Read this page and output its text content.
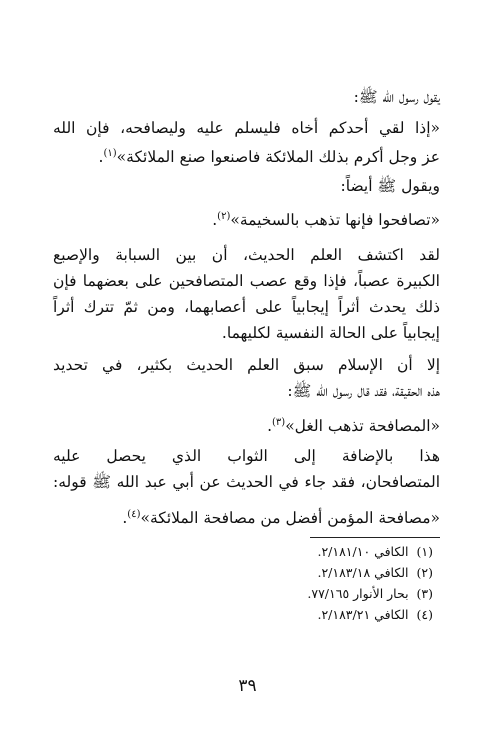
يقول رسول الله ﷺ:
«إذا لقي أحدكم أخاه فليسلم عليه وليصافحه، فإن الله
عز وجل أكرم بذلك الملائكة فاصنعوا صنع الملائكة»$^{(١)}$.
ويقول ﷺ أيضاً:
«تصافحوا فإنها تذهب بالسخيمة»$^{(٢)}$.
لقد اكتشف العلم الحديث، أن بين السبابة والإصبع
الكبيرة عصباً، فإذا وقع عصب المتصافحين على بعضهما فإن
ذلك يحدث أثراً إيجابياً على أعصابهما، ومن ثمّ تترك أثراً
إيجابياً على الحالة النفسية لكليهما.
إلا أن الإسلام سبق العلم الحديث بكثير، في تحديد
هذه الحقيقة، فقد قال رسول الله ﷺ:
«المصافحة تذهب الغل»$^{(٣)}$.
هذا بالإضافة إلى الثواب الذي يحصل عليه
المتصافحان، فقد جاء في الحديث عن أبي عبد الله ﷺ قوله:
«مصافحة المؤمن أفضل من مصافحة الملائكة»$^{(٤)}$.
(١)  الكافي ٢/١٨١/١٠.
(٢)  الكافي ٢/١٨٣/١٨.
(٣)  بحار الأنوار ٧٧/١٦٥.
(٤)  الكافي ٢/١٨٣/٢١.
٣٩
